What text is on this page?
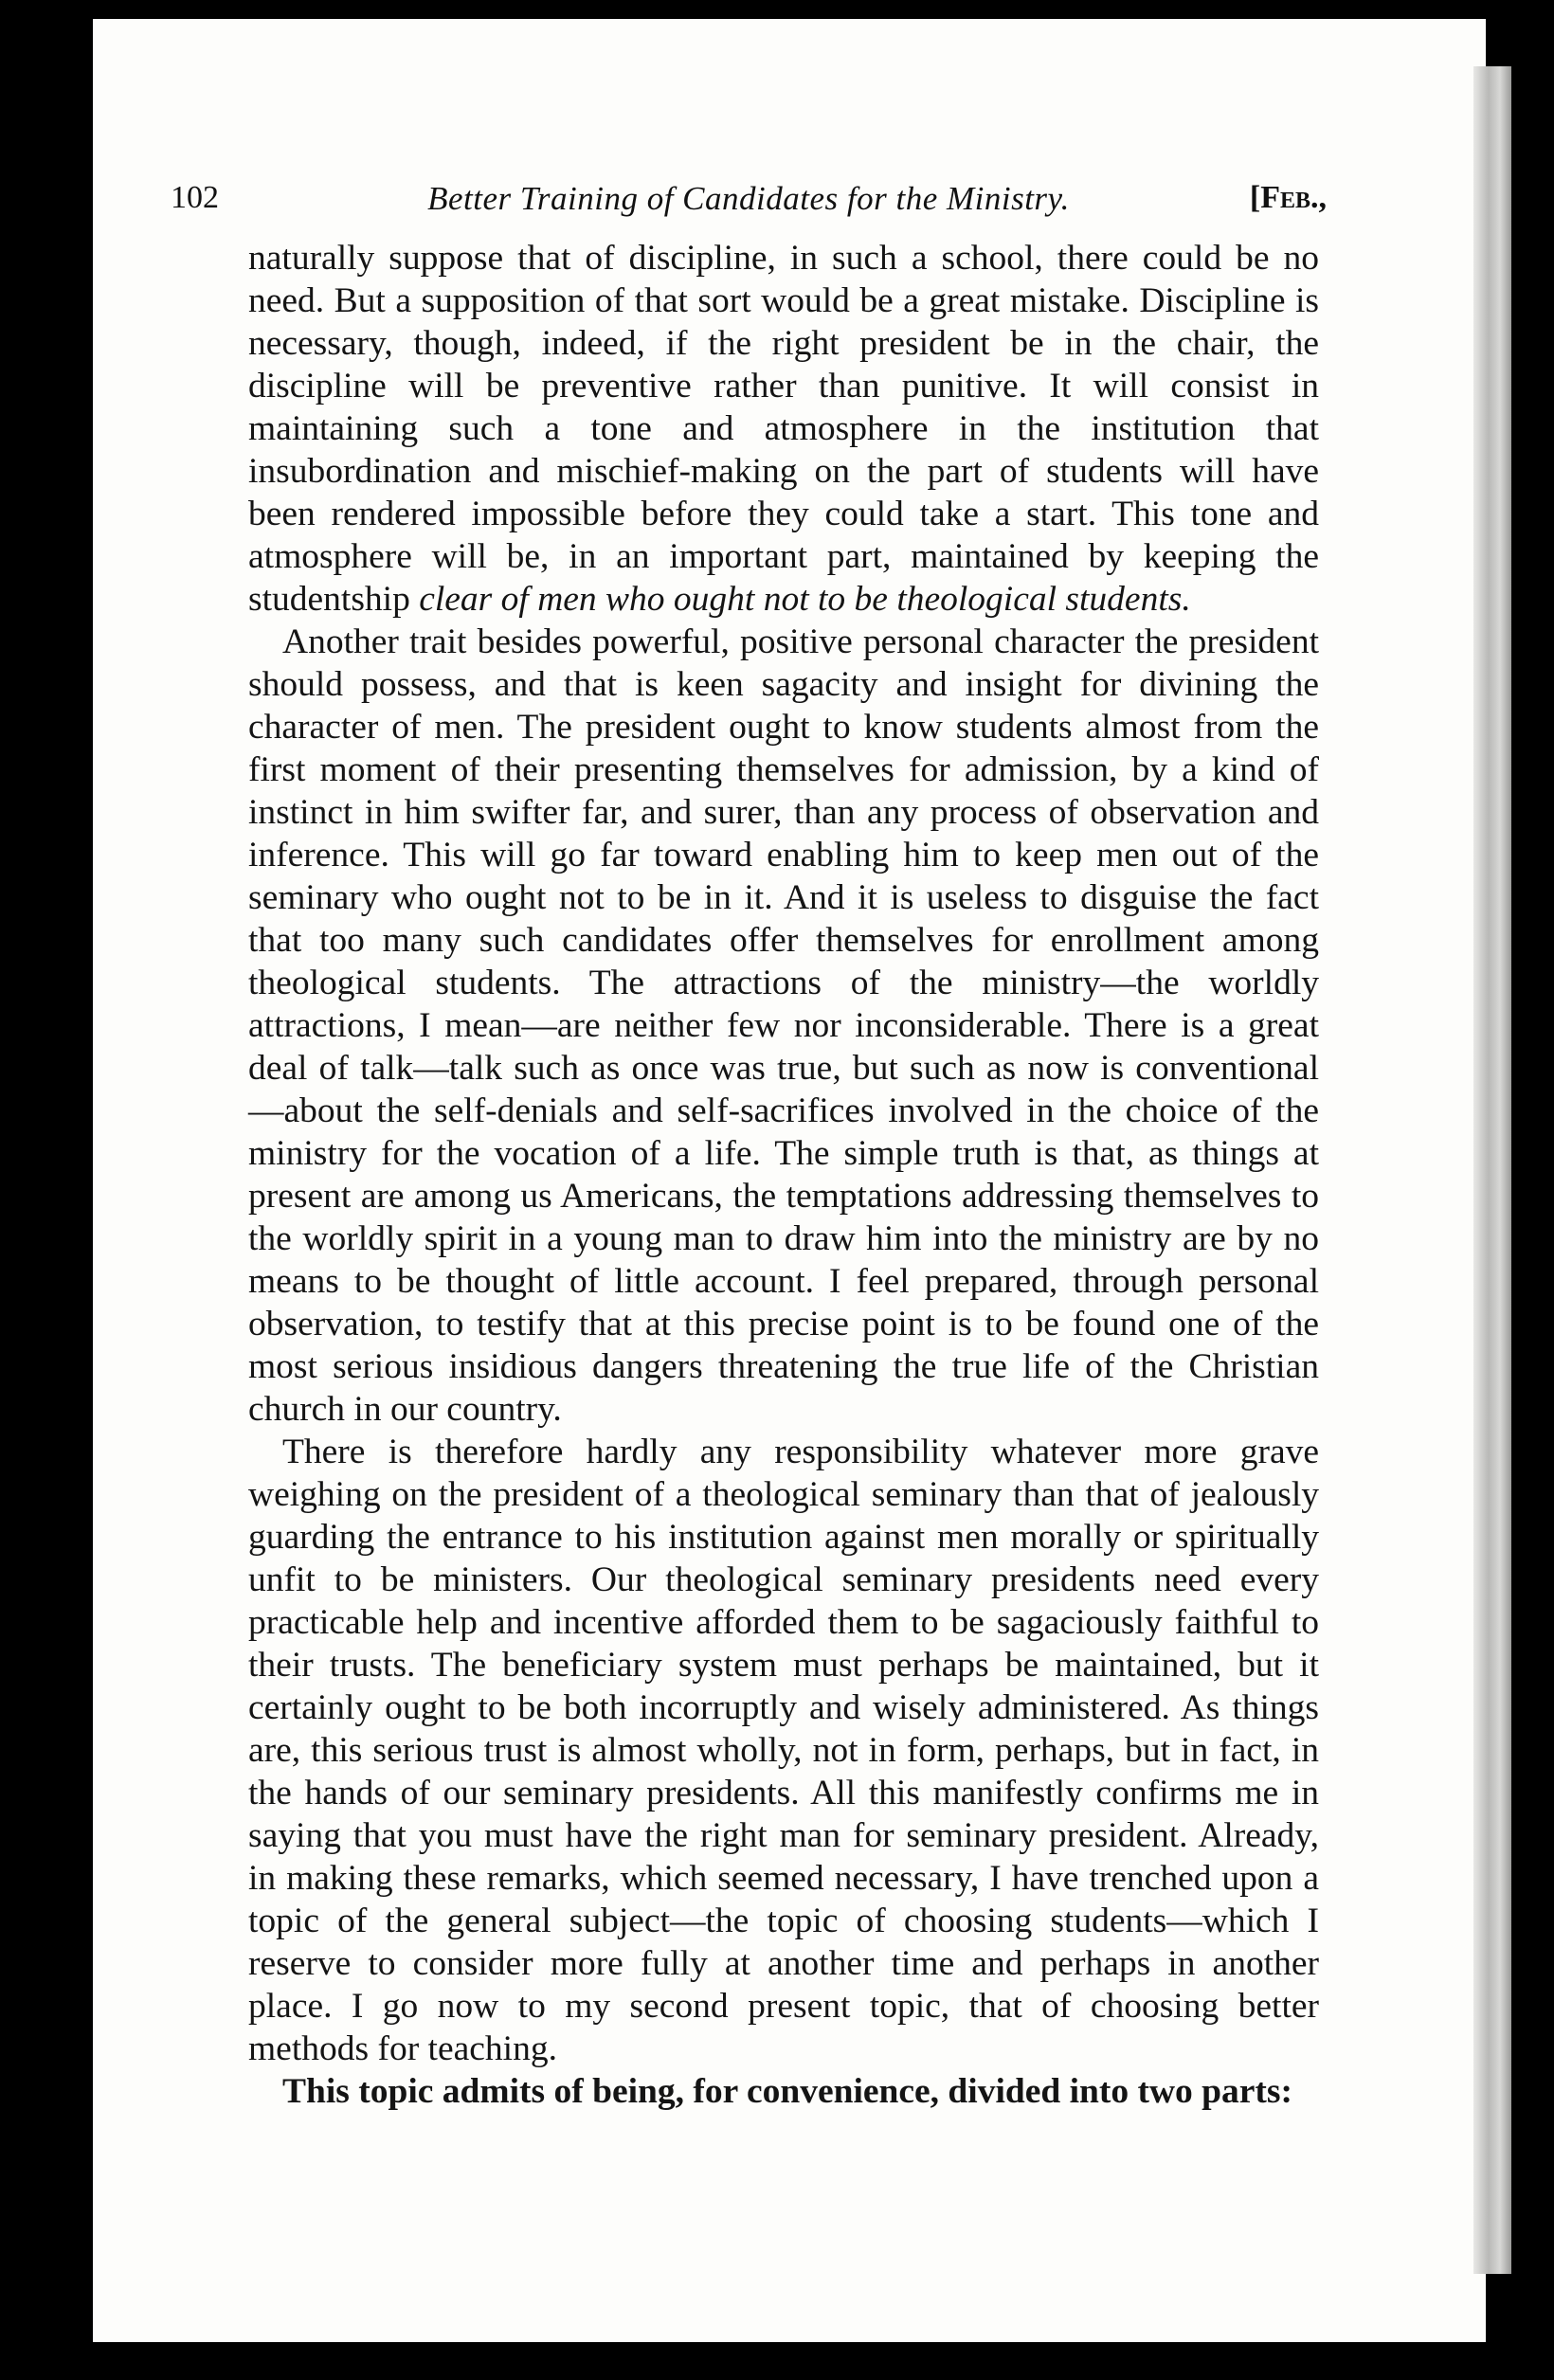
102	Better Training of Candidates for the Ministry.	[Feb.,

naturally suppose that of discipline, in such a school, there could be no need. But a supposition of that sort would be a great mistake. Discipline is necessary, though, indeed, if the right president be in the chair, the discipline will be preventive rather than punitive. It will consist in maintaining such a tone and atmosphere in the institution that insubordination and mischief-making on the part of students will have been rendered impossible before they could take a start. This tone and atmosphere will be, in an important part, maintained by keeping the studentship clear of men who ought not to be theological students.

Another trait besides powerful, positive personal character the president should possess, and that is keen sagacity and insight for divining the character of men. The president ought to know students almost from the first moment of their presenting themselves for admission, by a kind of instinct in him swifter far, and surer, than any process of observation and inference. This will go far toward enabling him to keep men out of the seminary who ought not to be in it. And it is useless to disguise the fact that too many such candidates offer themselves for enrollment among theological students. The attractions of the ministry—the worldly attractions, I mean—are neither few nor inconsiderable. There is a great deal of talk—talk such as once was true, but such as now is conventional—about the self-denials and self-sacrifices involved in the choice of the ministry for the vocation of a life. The simple truth is that, as things at present are among us Americans, the temptations addressing themselves to the worldly spirit in a young man to draw him into the ministry are by no means to be thought of little account. I feel prepared, through personal observation, to testify that at this precise point is to be found one of the most serious insidious dangers threatening the true life of the Christian church in our country.

There is therefore hardly any responsibility whatever more grave weighing on the president of a theological seminary than that of jealously guarding the entrance to his institution against men morally or spiritually unfit to be ministers. Our theological seminary presidents need every practicable help and incentive afforded them to be sagaciously faithful to their trusts. The beneficiary system must perhaps be maintained, but it certainly ought to be both incorruptly and wisely administered. As things are, this serious trust is almost wholly, not in form, perhaps, but in fact, in the hands of our seminary presidents. All this manifestly confirms me in saying that you must have the right man for seminary president. Already, in making these remarks, which seemed necessary, I have trenched upon a topic of the general subject—the topic of choosing students—which I reserve to consider more fully at another time and perhaps in another place. I go now to my second present topic, that of choosing better methods for teaching.

This topic admits of being, for convenience, divided into two parts:
